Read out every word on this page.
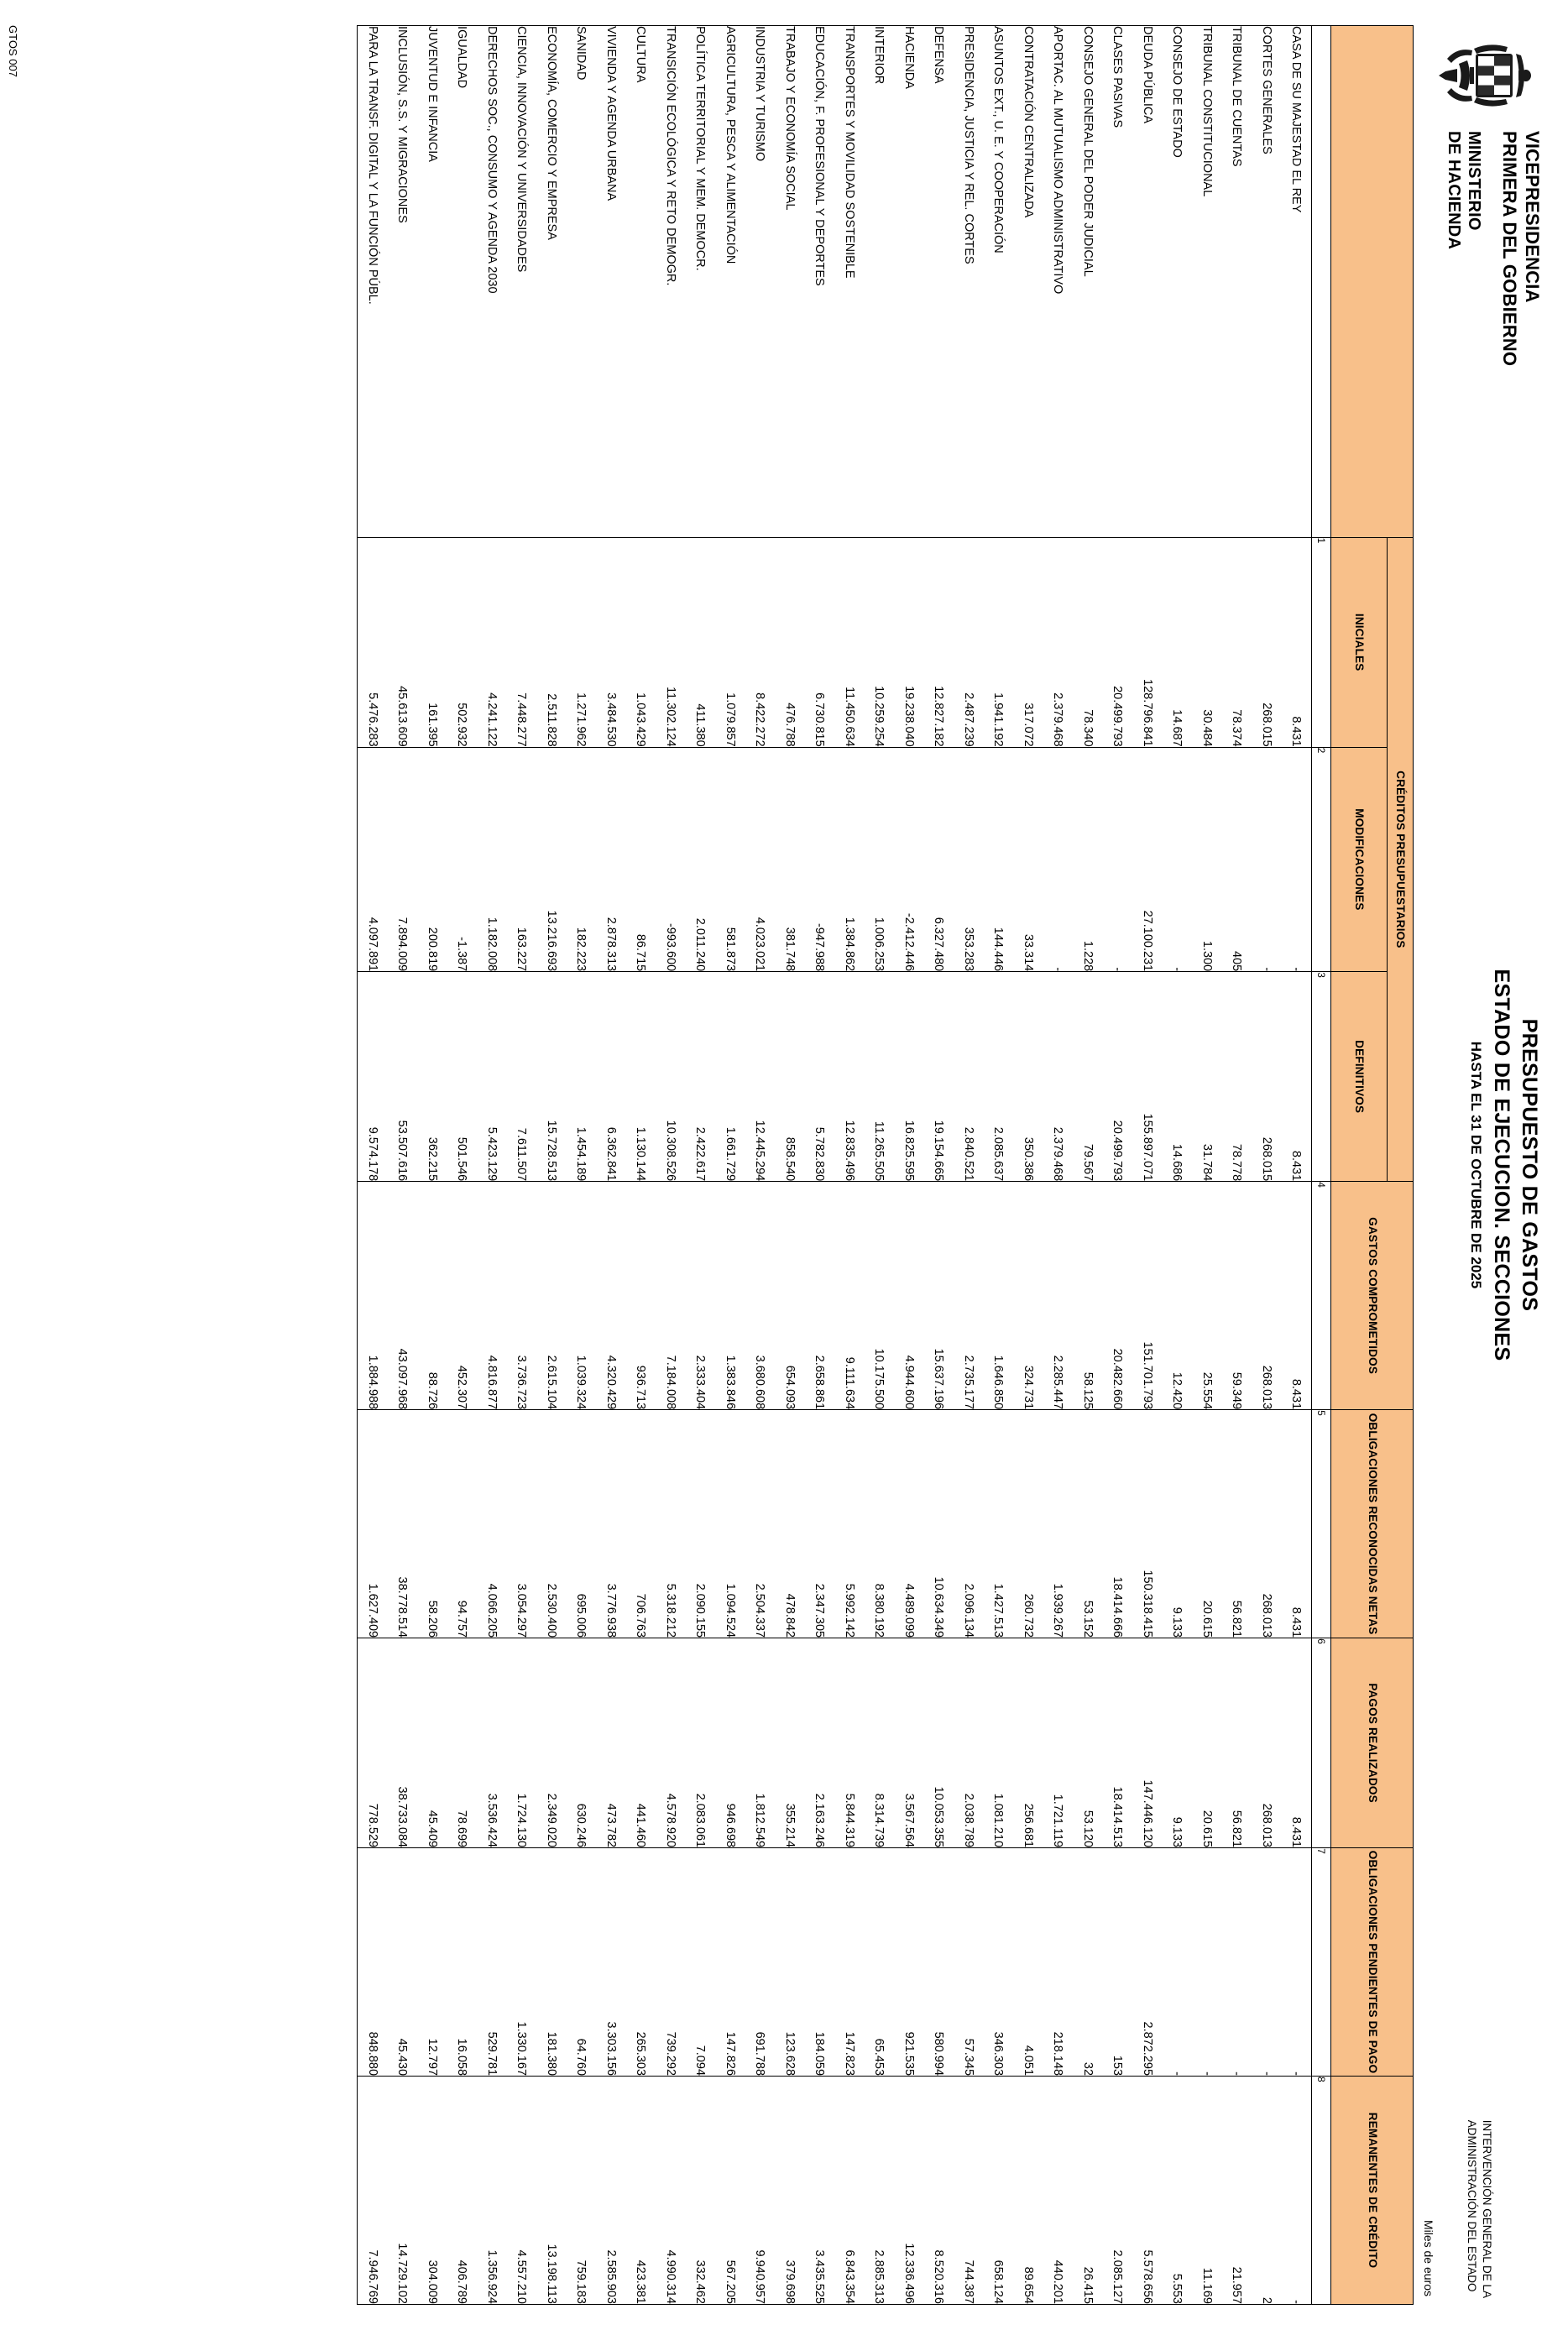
VICEPRESIDENCIA
PRIMERA DEL GOBIERNO
MINISTERIO
DE HACIENDA
PRESUPUESTO DE GASTOS
ESTADO DE EJECUCION. SECCIONES
HASTA EL 31 DE OCTUBRE DE 2025
INTERVENCIÓN GENERAL DE LA
ADMINISTRACIÓN DEL ESTADO
Miles de euros
	CRÉDITOS PRESUPUESTARIOS			GASTOS COMPROMETIDOS	OBLIGACIONES RECONOCIDAS NETAS	PAGOS REALIZADOS	OBLIGACIONES PENDIENTES DE PAGO	REMANENTES DE CRÉDITO
	INICIALES	MODIFICACIONES	DEFINITIVOS					
	1	2	3	4	5	6	7	8
CASA DE SU MAJESTAD EL REY	8.431	-	8.431	8.431	8.431	8.431	-	-
CORTES GENERALES	268.015	-	268.015	268.013	268.013	268.013	-	2
TRIBUNAL DE CUENTAS	78.374	405	78.778	59.349	56.821	56.821	-	21.957
TRIBUNAL CONSTITUCIONAL	30.484	1.300	31.784	25.554	20.615	20.615	-	11.169
CONSEJO DE ESTADO	14.687	-	14.686	12.420	9.133	9.133	-	5.553
DEUDA PÚBLICA	128.796.841	27.100.231	155.897.071	151.701.793	150.318.415	147.446.120	2.872.295	5.578.656
CLASES PASIVAS	20.499.793	-	20.499.793	20.482.660	18.414.666	18.414.513	153	2.085.127
CONSEJO GENERAL DEL PODER JUDICIAL	78.340	1.228	79.567	58.125	53.152	53.120	32	26.415
APORTAC. AL MUTUALISMO ADMINISTRATIVO	2.379.468	-	2.379.468	2.285.447	1.939.267	1.721.119	218.148	440.201
CONTRATACIÓN CENTRALIZADA	317.072	33.314	350.386	324.731	260.732	256.681	4.051	89.654
ASUNTOS EXT., U. E. Y COOPERACIÓN	1.941.192	144.446	2.085.637	1.646.850	1.427.513	1.081.210	346.303	658.124
PRESIDENCIA, JUSTICIA Y REL. CORTES	2.487.239	353.283	2.840.521	2.735.177	2.096.134	2.038.789	57.345	744.387
DEFENSA	12.827.182	6.327.480	19.154.665	15.637.196	10.634.349	10.053.355	580.994	8.520.316
HACIENDA	19.238.040	-2.412.446	16.825.595	4.944.600	4.489.099	3.567.564	921.535	12.336.496
INTERIOR	10.259.254	1.006.253	11.265.505	10.175.500	8.380.192	8.314.739	65.453	2.885.313
TRANSPORTES Y MOVILIDAD SOSTENIBLE	11.450.634	1.384.862	12.835.496	9.111.634	5.992.142	5.844.319	147.823	6.843.354
EDUCACIÓN, F. PROFESIONAL Y DEPORTES	6.730.815	-947.988	5.782.830	2.658.861	2.347.305	2.163.246	184.059	3.435.525
TRABAJO Y ECONOMÍA SOCIAL	476.788	381.748	858.540	654.093	478.842	355.214	123.628	379.698
INDUSTRIA Y TURISMO	8.422.272	4.023.021	12.445.294	3.680.608	2.504.337	1.812.549	691.788	9.940.957
AGRICULTURA, PESCA Y ALIMENTACIÓN	1.079.857	581.873	1.661.729	1.383.846	1.094.524	946.698	147.826	567.205
POLÍTICA TERRITORIAL Y MEM. DEMOCR.	411.380	2.011.240	2.422.617	2.333.404	2.090.155	2.083.061	7.094	332.462
TRANSICIÓN ECOLÓGICA Y RETO DEMOGR.	11.302.124	-993.600	10.308.526	7.184.008	5.318.212	4.578.920	739.292	4.990.314
CULTURA	1.043.429	86.715	1.130.144	936.713	706.763	441.460	265.303	423.381
VIVIENDA Y AGENDA URBANA	3.484.530	2.878.313	6.362.841	4.320.429	3.776.938	473.782	3.303.156	2.585.903
SANIDAD	1.271.962	182.223	1.454.189	1.039.324	695.006	630.246	64.760	759.183
ECONOMÍA, COMERCIO Y EMPRESA	2.511.828	13.216.693	15.728.513	2.615.104	2.530.400	2.349.020	181.380	13.198.113
CIENCIA, INNOVACIÓN Y UNIVERSIDADES	7.448.277	163.227	7.611.507	3.736.723	3.054.297	1.724.130	1.330.167	4.557.210
DERECHOS SOC., CONSUMO Y AGENDA 2030	4.241.122	1.182.008	5.423.129	4.816.877	4.066.205	3.536.424	529.781	1.356.924
IGUALDAD	502.932	-1.387	501.546	452.307	94.757	78.699	16.058	406.789
JUVENTUD E INFANCIA	161.395	200.819	362.215	88.726	58.206	45.409	12.797	304.009
INCLUSIÓN, S.S. Y MIGRACIONES	45.613.609	7.894.009	53.507.616	43.097.968	38.778.514	38.733.084	45.430	14.729.102
PARA LA TRANSF. DIGITAL Y LA FUNCIÓN PÚBL.	5.476.283	4.097.891	9.574.178	1.884.988	1.627.409	778.529	848.880	7.946.769
GTOS 007
